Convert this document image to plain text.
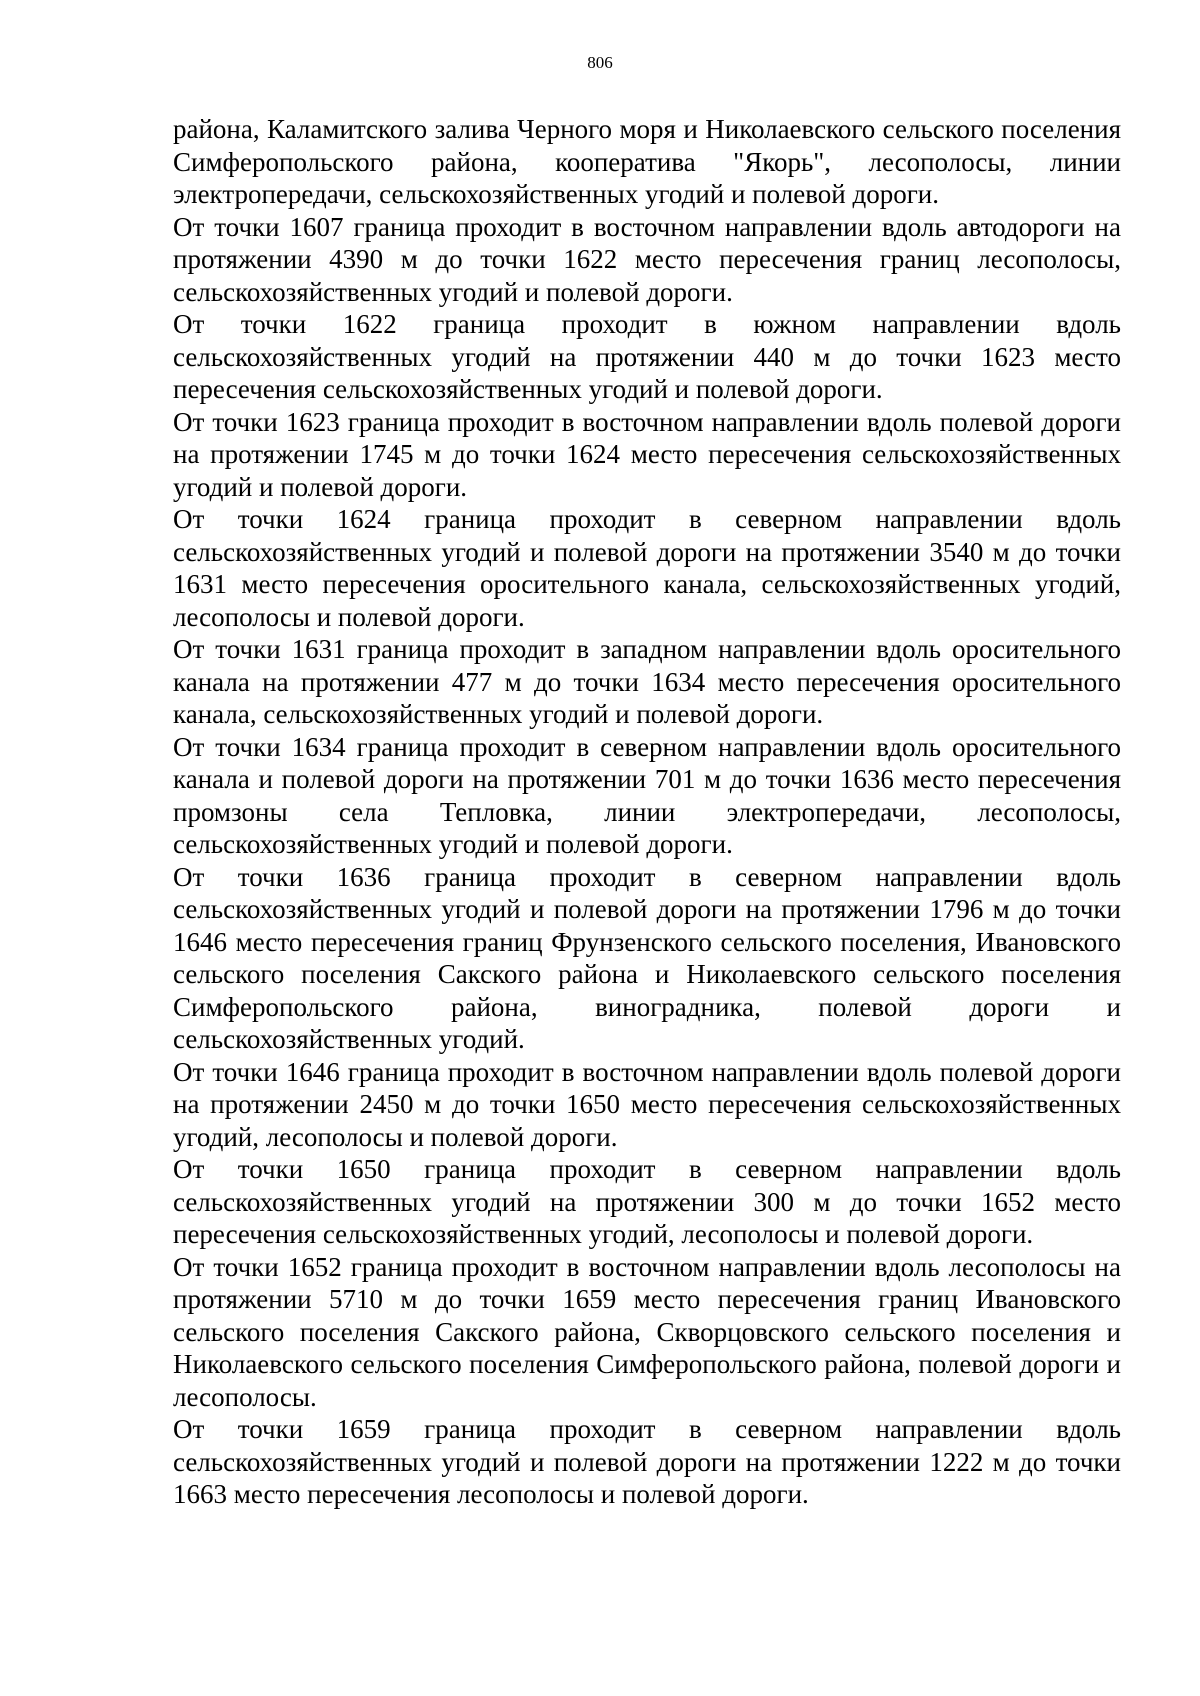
806

района, Каламитского залива Черного моря и Николаевского сельского поселения Симферопольского района, кооператива "Якорь", лесополосы, линии электропередачи, сельскохозяйственных угодий и полевой дороги.

От точки 1607 граница проходит в восточном направлении вдоль автодороги на протяжении 4390 м до точки 1622 место пересечения границ лесополосы, сельскохозяйственных угодий и полевой дороги.

От точки 1622 граница проходит в южном направлении вдоль сельскохозяйственных угодий на протяжении 440 м до точки 1623 место пересечения сельскохозяйственных угодий и полевой дороги.

От точки 1623 граница проходит в восточном направлении вдоль полевой дороги на протяжении 1745 м до точки 1624 место пересечения сельскохозяйственных угодий и полевой дороги.

От точки 1624 граница проходит в северном направлении вдоль сельскохозяйственных угодий и полевой дороги на протяжении 3540 м до точки 1631 место пересечения оросительного канала, сельскохозяйственных угодий, лесополосы и полевой дороги.

От точки 1631 граница проходит в западном направлении вдоль оросительного канала на протяжении 477 м до точки 1634 место пересечения оросительного канала, сельскохозяйственных угодий и полевой дороги.

От точки 1634 граница проходит в северном направлении вдоль оросительного канала и полевой дороги на протяжении 701 м до точки 1636 место пересечения промзоны села Тепловка, линии электропередачи, лесополосы, сельскохозяйственных угодий и полевой дороги.

От точки 1636 граница проходит в северном направлении вдоль сельскохозяйственных угодий и полевой дороги на протяжении 1796 м до точки 1646 место пересечения границ Фрунзенского сельского поселения, Ивановского сельского поселения Сакского района и Николаевского сельского поселения Симферопольского района, виноградника, полевой дороги и сельскохозяйственных угодий.

От точки 1646 граница проходит в восточном направлении вдоль полевой дороги на протяжении 2450 м до точки 1650 место пересечения сельскохозяйственных угодий, лесополосы и полевой дороги.

От точки 1650 граница проходит в северном направлении вдоль сельскохозяйственных угодий на протяжении 300 м до точки 1652 место пересечения сельскохозяйственных угодий, лесополосы и полевой дороги.

От точки 1652 граница проходит в восточном направлении вдоль лесополосы на протяжении 5710 м до точки 1659 место пересечения границ Ивановского сельского поселения Сакского района, Скворцовского сельского поселения и Николаевского сельского поселения Симферопольского района, полевой дороги и лесополосы.

От точки 1659 граница проходит в северном направлении вдоль сельскохозяйственных угодий и полевой дороги на протяжении 1222 м до точки 1663 место пересечения лесополосы и полевой дороги.
